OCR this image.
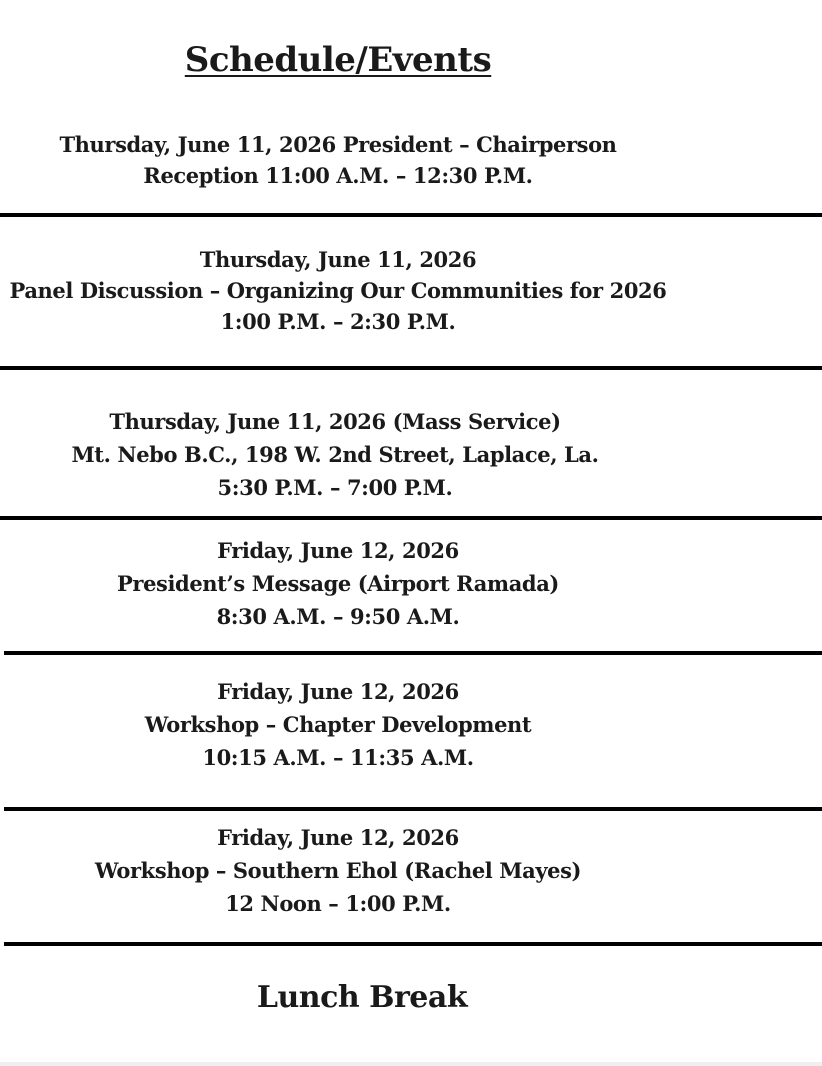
Schedule/Events
Thursday, June 11, 2026 President – Chairperson
Reception 11:00 A.M. – 12:30 P.M.
Thursday, June 11, 2026
Panel Discussion – Organizing Our Communities for 2026
1:00 P.M. – 2:30 P.M.
Thursday, June 11, 2026 (Mass Service)
Mt. Nebo B.C., 198 W. 2nd Street, Laplace, La.
5:30 P.M. – 7:00 P.M.
Friday, June 12, 2026
President’s Message (Airport Ramada)
8:30 A.M. – 9:50 A.M.
Friday, June 12, 2026
Workshop – Chapter Development
10:15 A.M. – 11:35 A.M.
Friday, June 12, 2026
Workshop – Southern Ehol (Rachel Mayes)
12 Noon – 1:00 P.M.
Lunch Break
